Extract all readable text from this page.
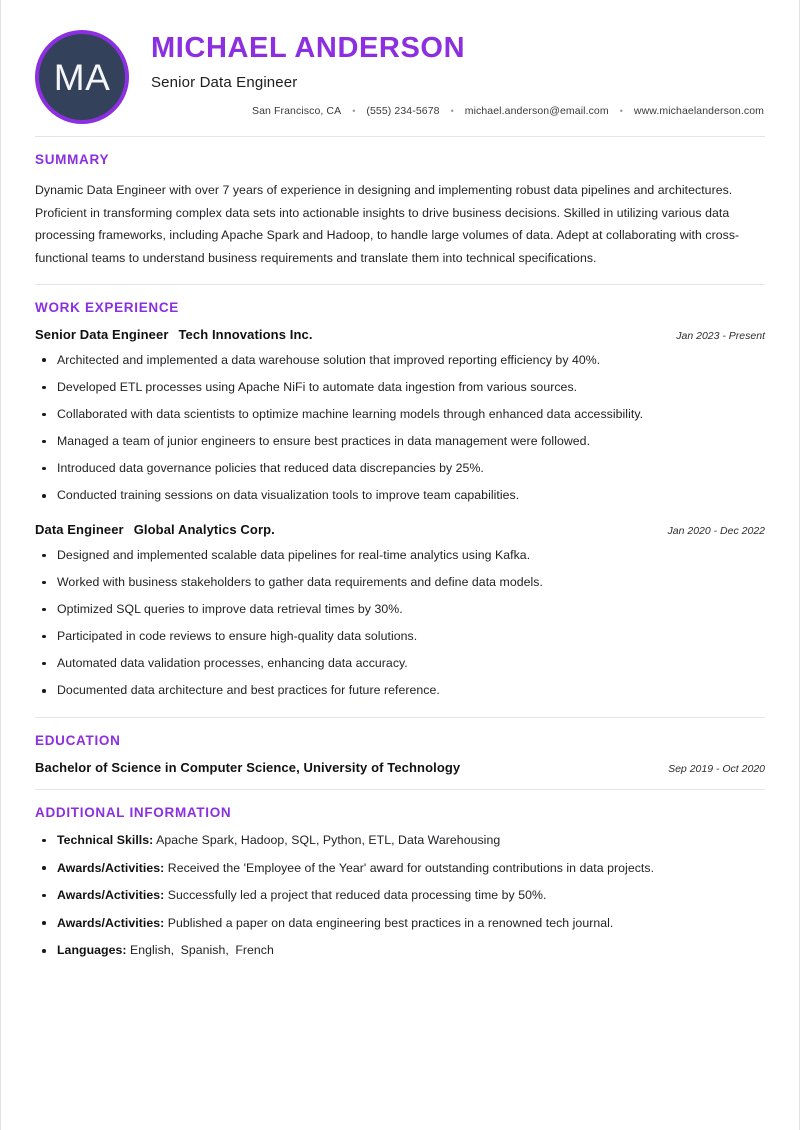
MA
MICHAEL ANDERSON
Senior Data Engineer
San Francisco, CA	•	(555) 234-5678	•	michael.anderson@email.com	•	www.michaelanderson.com
SUMMARY

Dynamic Data Engineer with over 7 years of experience in designing and implementing robust data pipelines and architectures. Proficient in transforming complex data sets into actionable insights to drive business decisions. Skilled in utilizing various data processing frameworks, including Apache Spark and Hadoop, to handle large volumes of data. Adept at collaborating with cross-functional teams to understand business requirements and translate them into technical specifications.

WORK EXPERIENCE
Senior Data Engineer Tech Innovations Inc.	Jan 2023 - Present
Architected and implemented a data warehouse solution that improved reporting efficiency by 40%.
Developed ETL processes using Apache NiFi to automate data ingestion from various sources.
Collaborated with data scientists to optimize machine learning models through enhanced data accessibility.
Managed a team of junior engineers to ensure best practices in data management were followed.
Introduced data governance policies that reduced data discrepancies by 25%.
Conducted training sessions on data visualization tools to improve team capabilities.
Data Engineer Global Analytics Corp.	Jan 2020 - Dec 2022
Designed and implemented scalable data pipelines for real-time analytics using Kafka.
Worked with business stakeholders to gather data requirements and define data models.
Optimized SQL queries to improve data retrieval times by 30%.
Participated in code reviews to ensure high-quality data solutions.
Automated data validation processes, enhancing data accuracy.
Documented data architecture and best practices for future reference.
EDUCATION
Bachelor of Science in Computer Science, University of Technology	Sep 2019 - Oct 2020
ADDITIONAL INFORMATION
Technical Skills: Apache Spark, Hadoop, SQL, Python, ETL, Data Warehousing
Awards/Activities: Received the 'Employee of the Year' award for outstanding contributions in data projects.
Awards/Activities: Successfully led a project that reduced data processing time by 50%.
Awards/Activities: Published a paper on data engineering best practices in a renowned tech journal.
Languages: English, Spanish, French
